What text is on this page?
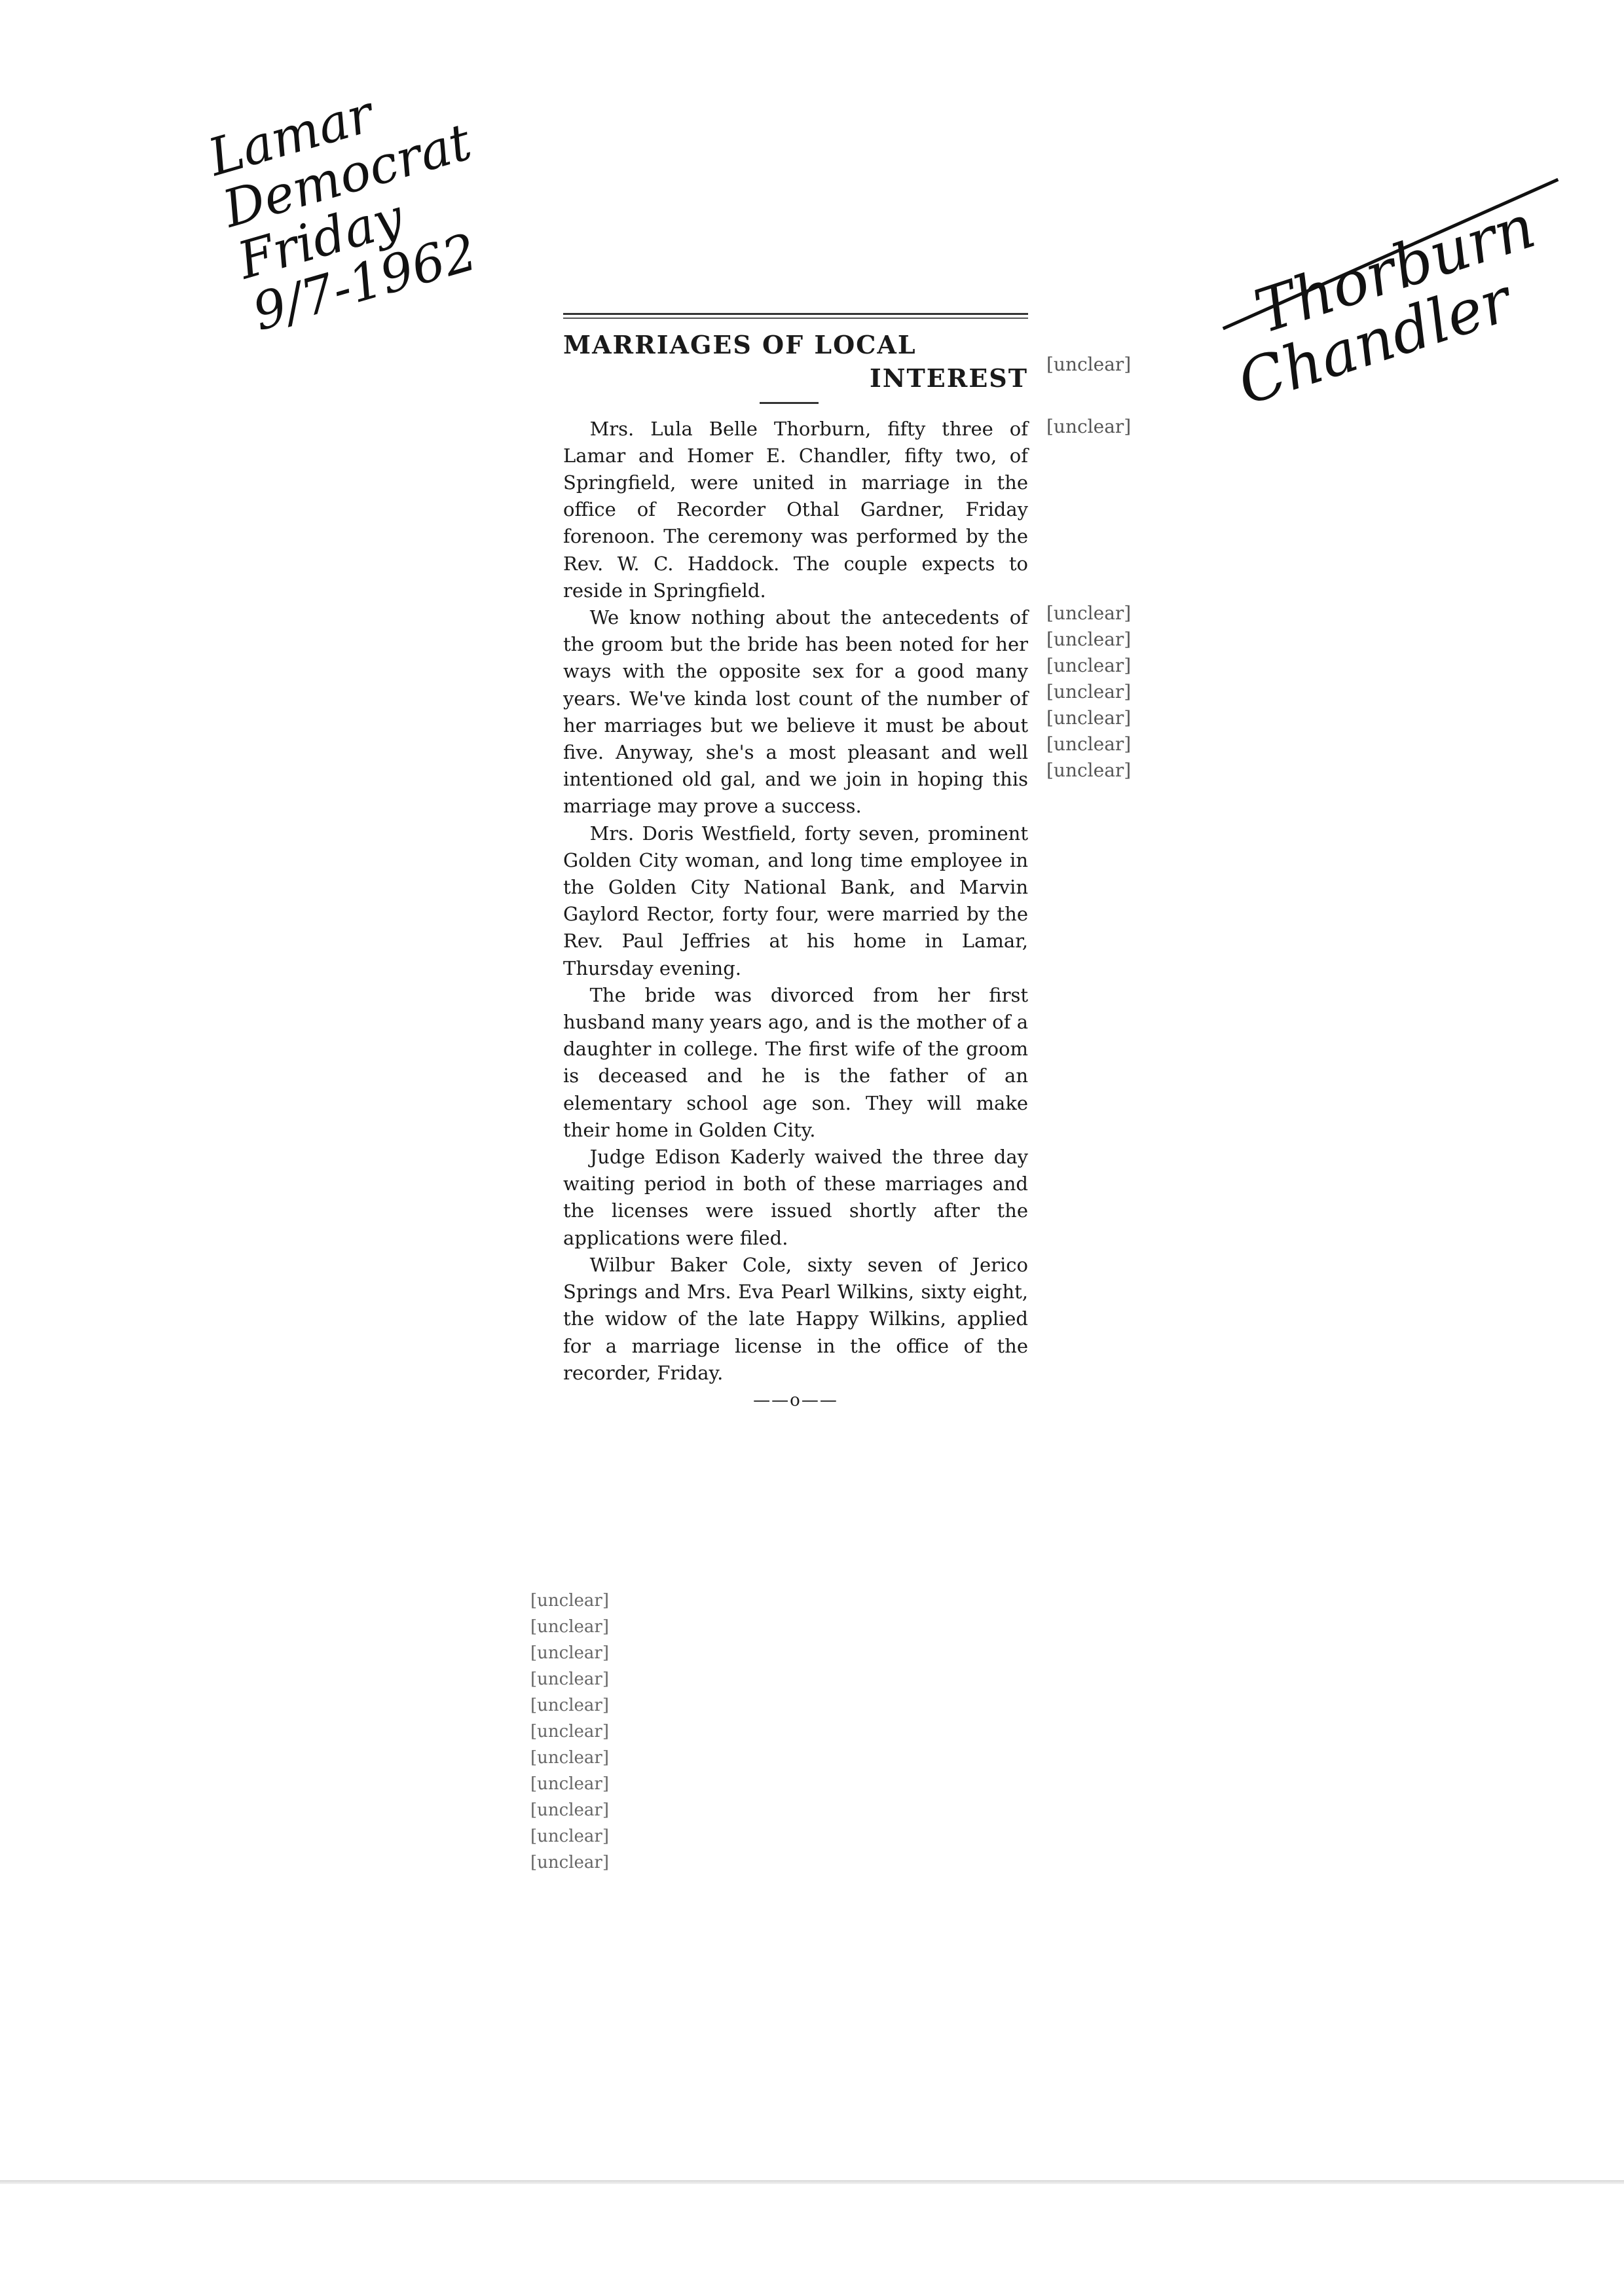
Lamar
Democrat
Friday
9/7-1962	Thorburn
Chandler

MARRIAGES OF LOCAL
INTEREST

Mrs. Lula Belle Thorburn, fifty three of Lamar and Homer E. Chandler, fifty two, of Springfield, were united in marriage in the office of Recorder Othal Gardner, Friday forenoon. The ceremony was performed by the Rev. W. C. Haddock. The couple expects to reside in Springfield.

We know nothing about the antecedents of the groom but the bride has been noted for her ways with the opposite sex for a good many years. We've kinda lost count of the number of her marriages but we believe it must be about five. Anyway, she's a most pleasant and well intentioned old gal, and we join in hoping this marriage may prove a success.

Mrs. Doris Westfield, forty seven, prominent Golden City woman, and long time employee in the Golden City National Bank, and Marvin Gaylord Rector, forty four, were married by the Rev. Paul Jeffries at his home in Lamar, Thursday evening.

The bride was divorced from her first husband many years ago, and is the mother of a daughter in college. The first wife of the groom is deceased and he is the father of an elementary school age son. They will make their home in Golden City.

Judge Edison Kaderly waived the three day waiting period in both of these marriages and the licenses were issued shortly after the applications were filed.

Wilbur Baker Cole, sixty seven of Jerico Springs and Mrs. Eva Pearl Wilkins, sixty eight, the widow of the late Happy Wilkins, applied for a marriage license in the office of the recorder, Friday.

——o——
[unclear]
[unclear]
[unclear]
[unclear]
[unclear]
[unclear]
[unclear]
[unclear]
[unclear]
[unclear]
[unclear]
[unclear]
[unclear]
[unclear]
[unclear]
[unclear]
[unclear]
[unclear]
[unclear]
[unclear]
